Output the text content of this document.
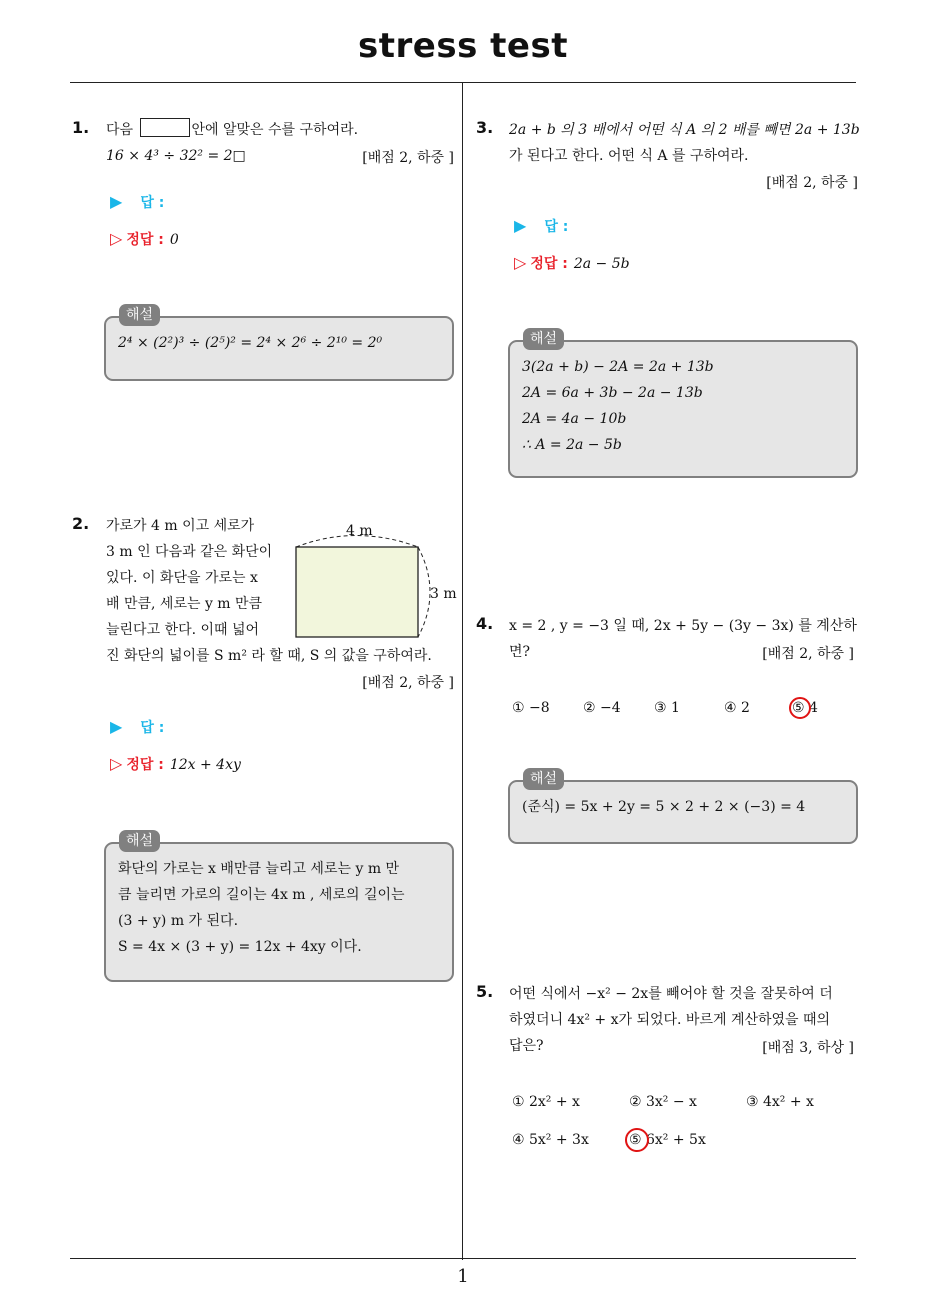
stress test
1. 다음	안에 알맞은 수를 구하여라.
16 × 4³ ÷ 32² = 2□	[배점 2, 하중 ]
▶ 답 :
▷ 정답 : 0
2⁴ × (2²)³ ÷ (2⁵)² = 2⁴ × 2⁶ ÷ 2¹⁰ = 2⁰
해설
2. 가로가 4 m 이고 세로가
3 m 인 다음과 같은 화단이
있다. 이 화단을 가로는 x
배 만큼, 세로는 y m 만큼
늘린다고 한다. 이때 넓어
진 화단의 넓이를 S m² 라 할 때, S 의 값을 구하여라.
[배점 2, 하중 ]
4 m
3 m
▶ 답 :
▷ 정답 : 12x + 4xy
화단의 가로는 x 배만큼 늘리고 세로는 y m 만
큼 늘리면 가로의 길이는 4x m , 세로의 길이는
(3 + y) m 가 된다.
S = 4x × (3 + y) = 12x + 4xy 이다.
해설
3. 2a + b 의 3 배에서 어떤 식 A 의 2 배를 빼면 2a + 13b
가 된다고 한다. 어떤 식 A 를 구하여라.
[배점 2, 하중 ]
▶ 답 :
▷ 정답 : 2a − 5b
3(2a + b) − 2A = 2a + 13b
2A = 6a + 3b − 2a − 13b
2A = 4a − 10b
∴ A = 2a − 5b
해설
4. x = 2 , y = −3 일 때, 2x + 5y − (3y − 3x) 를 계산하
면?	[배점 2, 하중 ]
① −8 ② −4 ③ 1	④ 2	⑤ 4
(준식) = 5x + 2y = 5 × 2 + 2 × (−3) = 4
해설
5. 어떤 식에서 −x² − 2x를 빼어야 할 것을 잘못하여 더
하였더니 4x² + x가 되었다. 바르게 계산하였을 때의
답은?	[배점 3, 하상 ]
① 2x² + x	② 3x² − x	③ 4x² + x
④ 5x² + 3x	⑤ 6x² + 5x
1
